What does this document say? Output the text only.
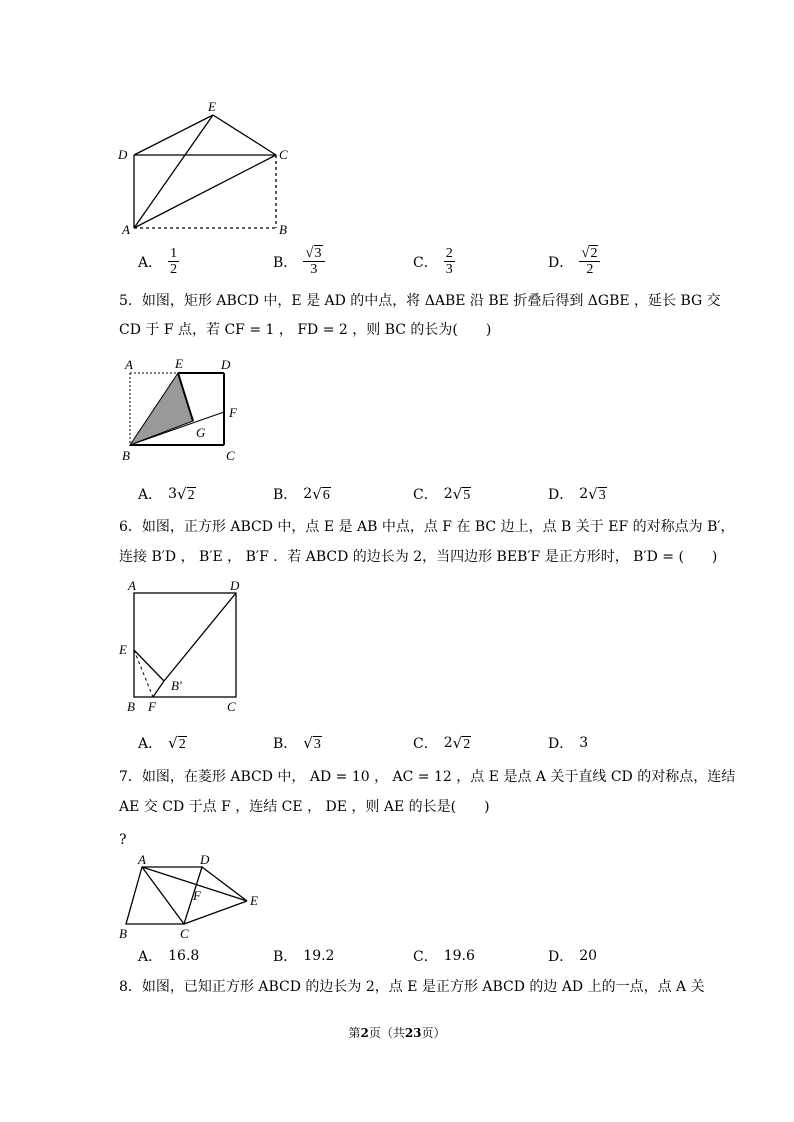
E
D	C
A	B
A． $\frac{1}{2}$	B． $\frac{√3}{3}$	C． $\frac{2}{3}$	D． $\frac{√2}{2}$
5．如图，矩形 ABCD 中，E 是 AD 的中点，将 ΔABE 沿 BE 折叠后得到 ΔGBE ，延长 BG 交
CD 于 F 点，若 CF = 1 ， FD = 2 ，则 BC 的长为(　　)
A	E	D
F
G
B	C
A． 3 √2	B． 2 √6	C． 2 √5	D． 2 √3
6．如图，正方形 ABCD 中，点 E 是 AB 中点，点 F 在 BC 边上，点 B 关于 EF 的对称点为 B′，
连接 B′D ， B′E ， B′F ．若 ABCD 的边长为 2，当四边形 BEB′F 是正方形时， B′D = (　　)
A	D
E
B′
B F	C
A． √2	B． √3	C． 2 √2	D． 3
7．如图，在菱形 ABCD 中， AD = 10 ， AC = 12 ，点 E 是点 A 关于直线 CD 的对称点，连结
AE 交 CD 于点 F ，连结 CE ， DE ，则 AE 的长是(　　)
?
A	D
F	E
B	C
A． 16.8	B． 19.2	C． 19.6	D． 20
8．如图，已知正方形 ABCD 的边长为 2，点 E 是正方形 ABCD 的边 AD 上的一点，点 A 关
第2页（共23页）
